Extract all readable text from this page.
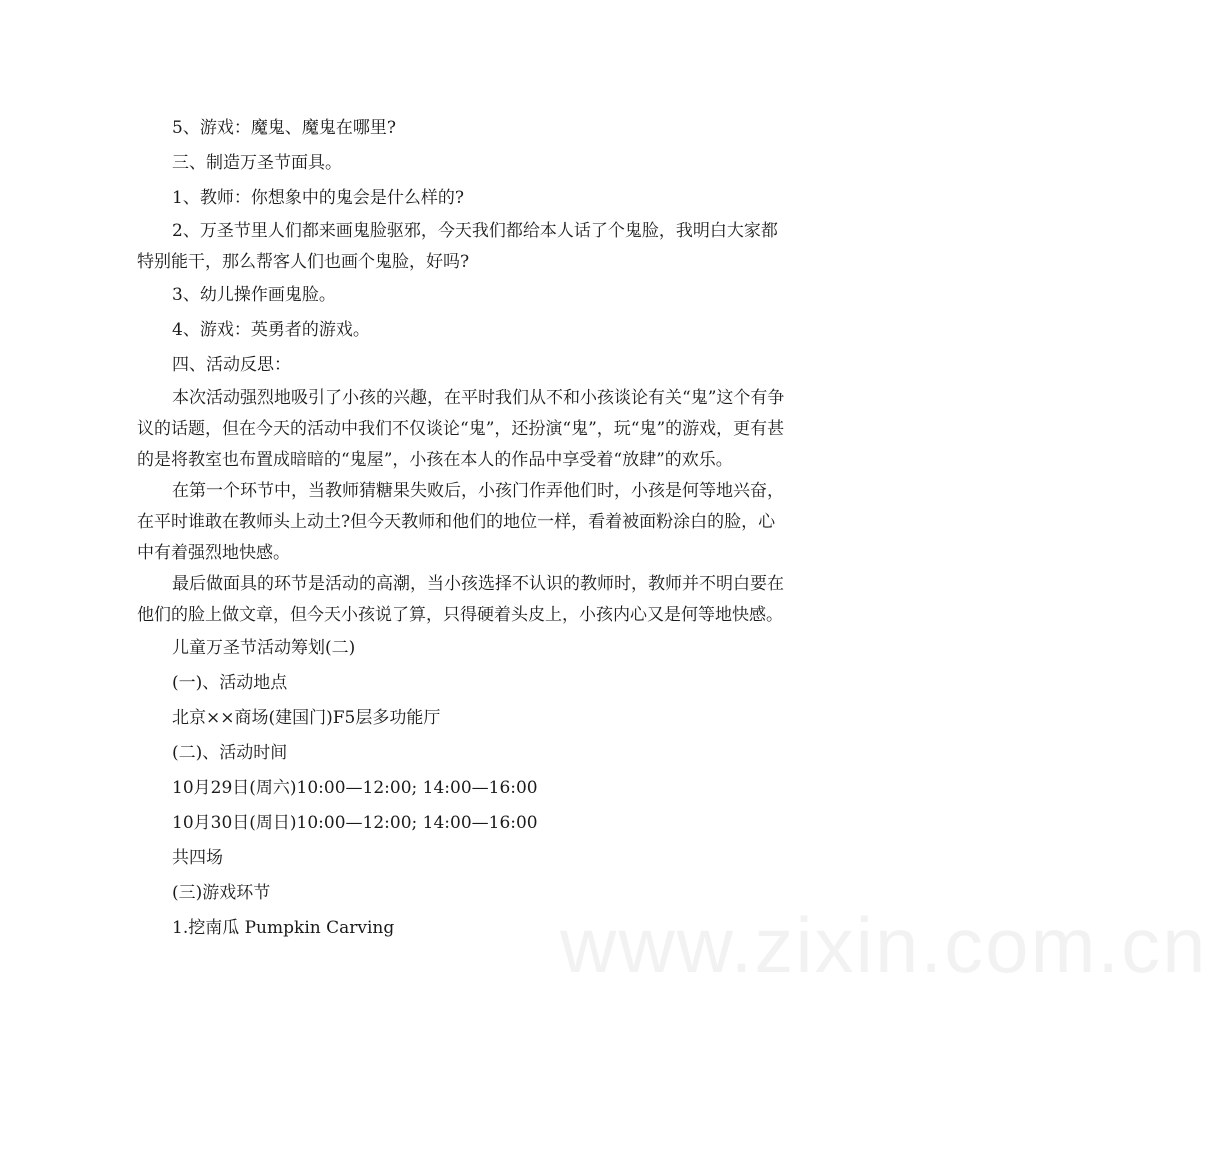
5、游戏：魔鬼、魔鬼在哪里?

三、制造万圣节面具。

1、教师：你想象中的鬼会是什么样的?

2、万圣节里人们都来画鬼脸驱邪，今天我们都给本人话了个鬼脸，我明白大家都特别能干，那么帮客人们也画个鬼脸，好吗?

3、幼儿操作画鬼脸。

4、游戏：英勇者的游戏。

四、活动反思：

本次活动强烈地吸引了小孩的兴趣，在平时我们从不和小孩谈论有关“鬼”这个有争议的话题，但在今天的活动中我们不仅谈论“鬼”，还扮演“鬼”，玩“鬼”的游戏，更有甚的是将教室也布置成暗暗的“鬼屋”，小孩在本人的作品中享受着“放肆”的欢乐。

在第一个环节中，当教师猜糖果失败后，小孩门作弄他们时，小孩是何等地兴奋，在平时谁敢在教师头上动土?但今天教师和他们的地位一样，看着被面粉涂白的脸，心中有着强烈地快感。

最后做面具的环节是活动的高潮，当小孩选择不认识的教师时，教师并不明白要在他们的脸上做文章，但今天小孩说了算，只得硬着头皮上，小孩内心又是何等地快感。

儿童万圣节活动筹划(二)

(一)、活动地点

北京××商场(建国门)F5层多功能厅

(二)、活动时间

10月29日(周六)10:00—12:00; 14:00—16:00

10月30日(周日)10:00—12:00; 14:00—16:00

共四场

(三)游戏环节

1.挖南瓜 Pumpkin Carving	www.zixin.com.cn
